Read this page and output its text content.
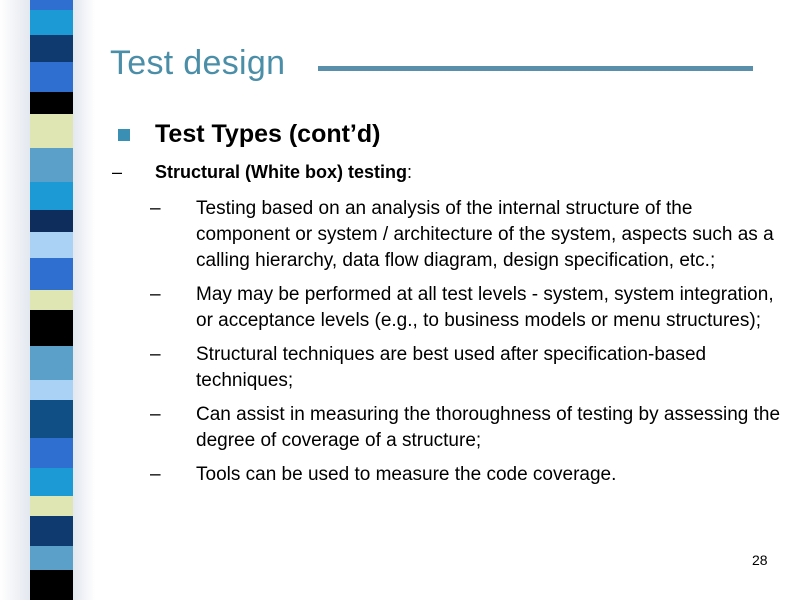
Test design
Test Types (cont’d)
– Structural (White box) testing:
– Testing based on an analysis of the internal structure of the component or system / architecture of the system, aspects such as a calling hierarchy, data flow diagram, design specification, etc.;
– May may be performed at all test levels - system, system integration, or acceptance levels (e.g., to business models or menu structures);
– Structural techniques are best used after specification-based techniques;
– Can assist in measuring the thoroughness of testing by assessing the degree of coverage of a structure;
– Tools can be used to measure the code coverage.
28
